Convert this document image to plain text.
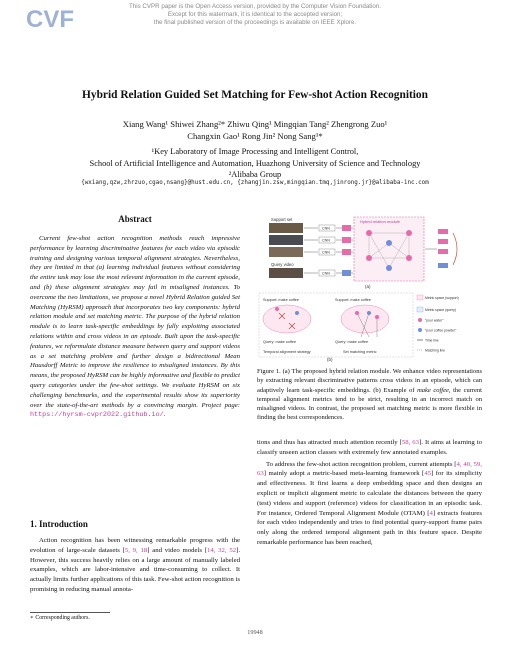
CVF	This CVPR paper is the Open Access version, provided by the Computer Vision Foundation.
Except for this watermark, it is identical to the accepted version;
the final published version of the proceedings is available on IEEE Xplore.
Hybrid Relation Guided Set Matching for Few-shot Action Recognition
Xiang Wang¹ Shiwei Zhang²* Zhiwu Qing¹ Mingqian Tang² Zhengrong Zuo¹
Changxin Gao¹ Rong Jin² Nong Sang¹*
¹Key Laboratory of Image Processing and Intelligent Control,
School of Artificial Intelligence and Automation, Huazhong University of Science and Technology
²Alibaba Group
{wxiang,qzw,zhrzuo,cgao,nsang}@hust.edu.cn, {zhangjin.zsw,mingqian.tmq,jinrong.jr}@alibaba-inc.com
Abstract
Current few-shot action recognition methods reach impressive performance by learning discriminative features for each video via episodic training and designing various temporal alignment strategies. Nevertheless, they are limited in that (a) learning individual features without considering the entire task may lose the most relevant information in the current episode, and (b) these alignment strategies may fail in misaligned instances. To overcome the two limitations, we propose a novel Hybrid Relation guided Set Matching (HyRSM) approach that incorporates two key components: hybrid relation module and set matching metric. The purpose of the hybrid relation module is to learn task-specific embeddings by fully exploiting associated relations within and cross videos in an episode. Built upon the task-specific features, we reformulate distance measure between query and support videos as a set matching problem and further design a bidirectional Mean Hausdorff Metric to improve the resilience to misaligned instances. By this means, the proposed HyRSM can be highly informative and flexible to predict query categories under the few-shot settings. We evaluate HyRSM on six challenging benchmarks, and the experimental results show its superiority over the state-of-the-art methods by a convincing margin. Project page: https://hyrsm-cvpr2022.github.io/.
1. Introduction
Action recognition has been witnessing remarkable progress with the evolution of large-scale datasets [5, 9, 18] and video models [14, 32, 52]. However, this success heavily relies on a large amount of manually labeled examples, which are labor-intensive and time-consuming to collect. It actually limits further applications of this task. Few-shot action recognition is promising in reducing manual annota-
∗ Corresponding authors.
19948
Support set
Query video
CNN
CNN
CNN
CNN
Hybrid relation module
(a)
Support: make coffee	Support: make coffee
Query: make coffee	Query: make coffee
Temporal alignment strategy	Set matching metric
(b)
Metric space (support)
Metric space (query)
"pour water"
"pour coffee powder"
Time line
Matching line
Figure 1. (a) The proposed hybrid relation module. We enhance video representations by extracting relevant discriminative patterns cross videos in an episode, which can adaptively learn task-specific embeddings. (b) Example of make coffee, the current temporal alignment metrics tend to be strict, resulting in an incorrect match on misaligned videos. In contrast, the proposed set matching metric is more flexible in finding the best correspondences.

tions and thus has attracted much attention recently [58, 63]. It aims at learning to classify unseen action classes with extremely few annotated examples.

To address the few-shot action recognition problem, current attempts [4, 40, 59, 63] mainly adopt a metric-based meta-learning framework [45] for its simplicity and effectiveness. It first learns a deep embedding space and then designs an explicit or implicit alignment metric to calculate the distances between the query (test) videos and support (reference) videos for classification in an episodic task. For instance, Ordered Temporal Alignment Module (OTAM) [4] extracts features for each video independently and tries to find potential query-support frame pairs only along the ordered temporal alignment path in this feature space. Despite remarkable performance has been reached,
